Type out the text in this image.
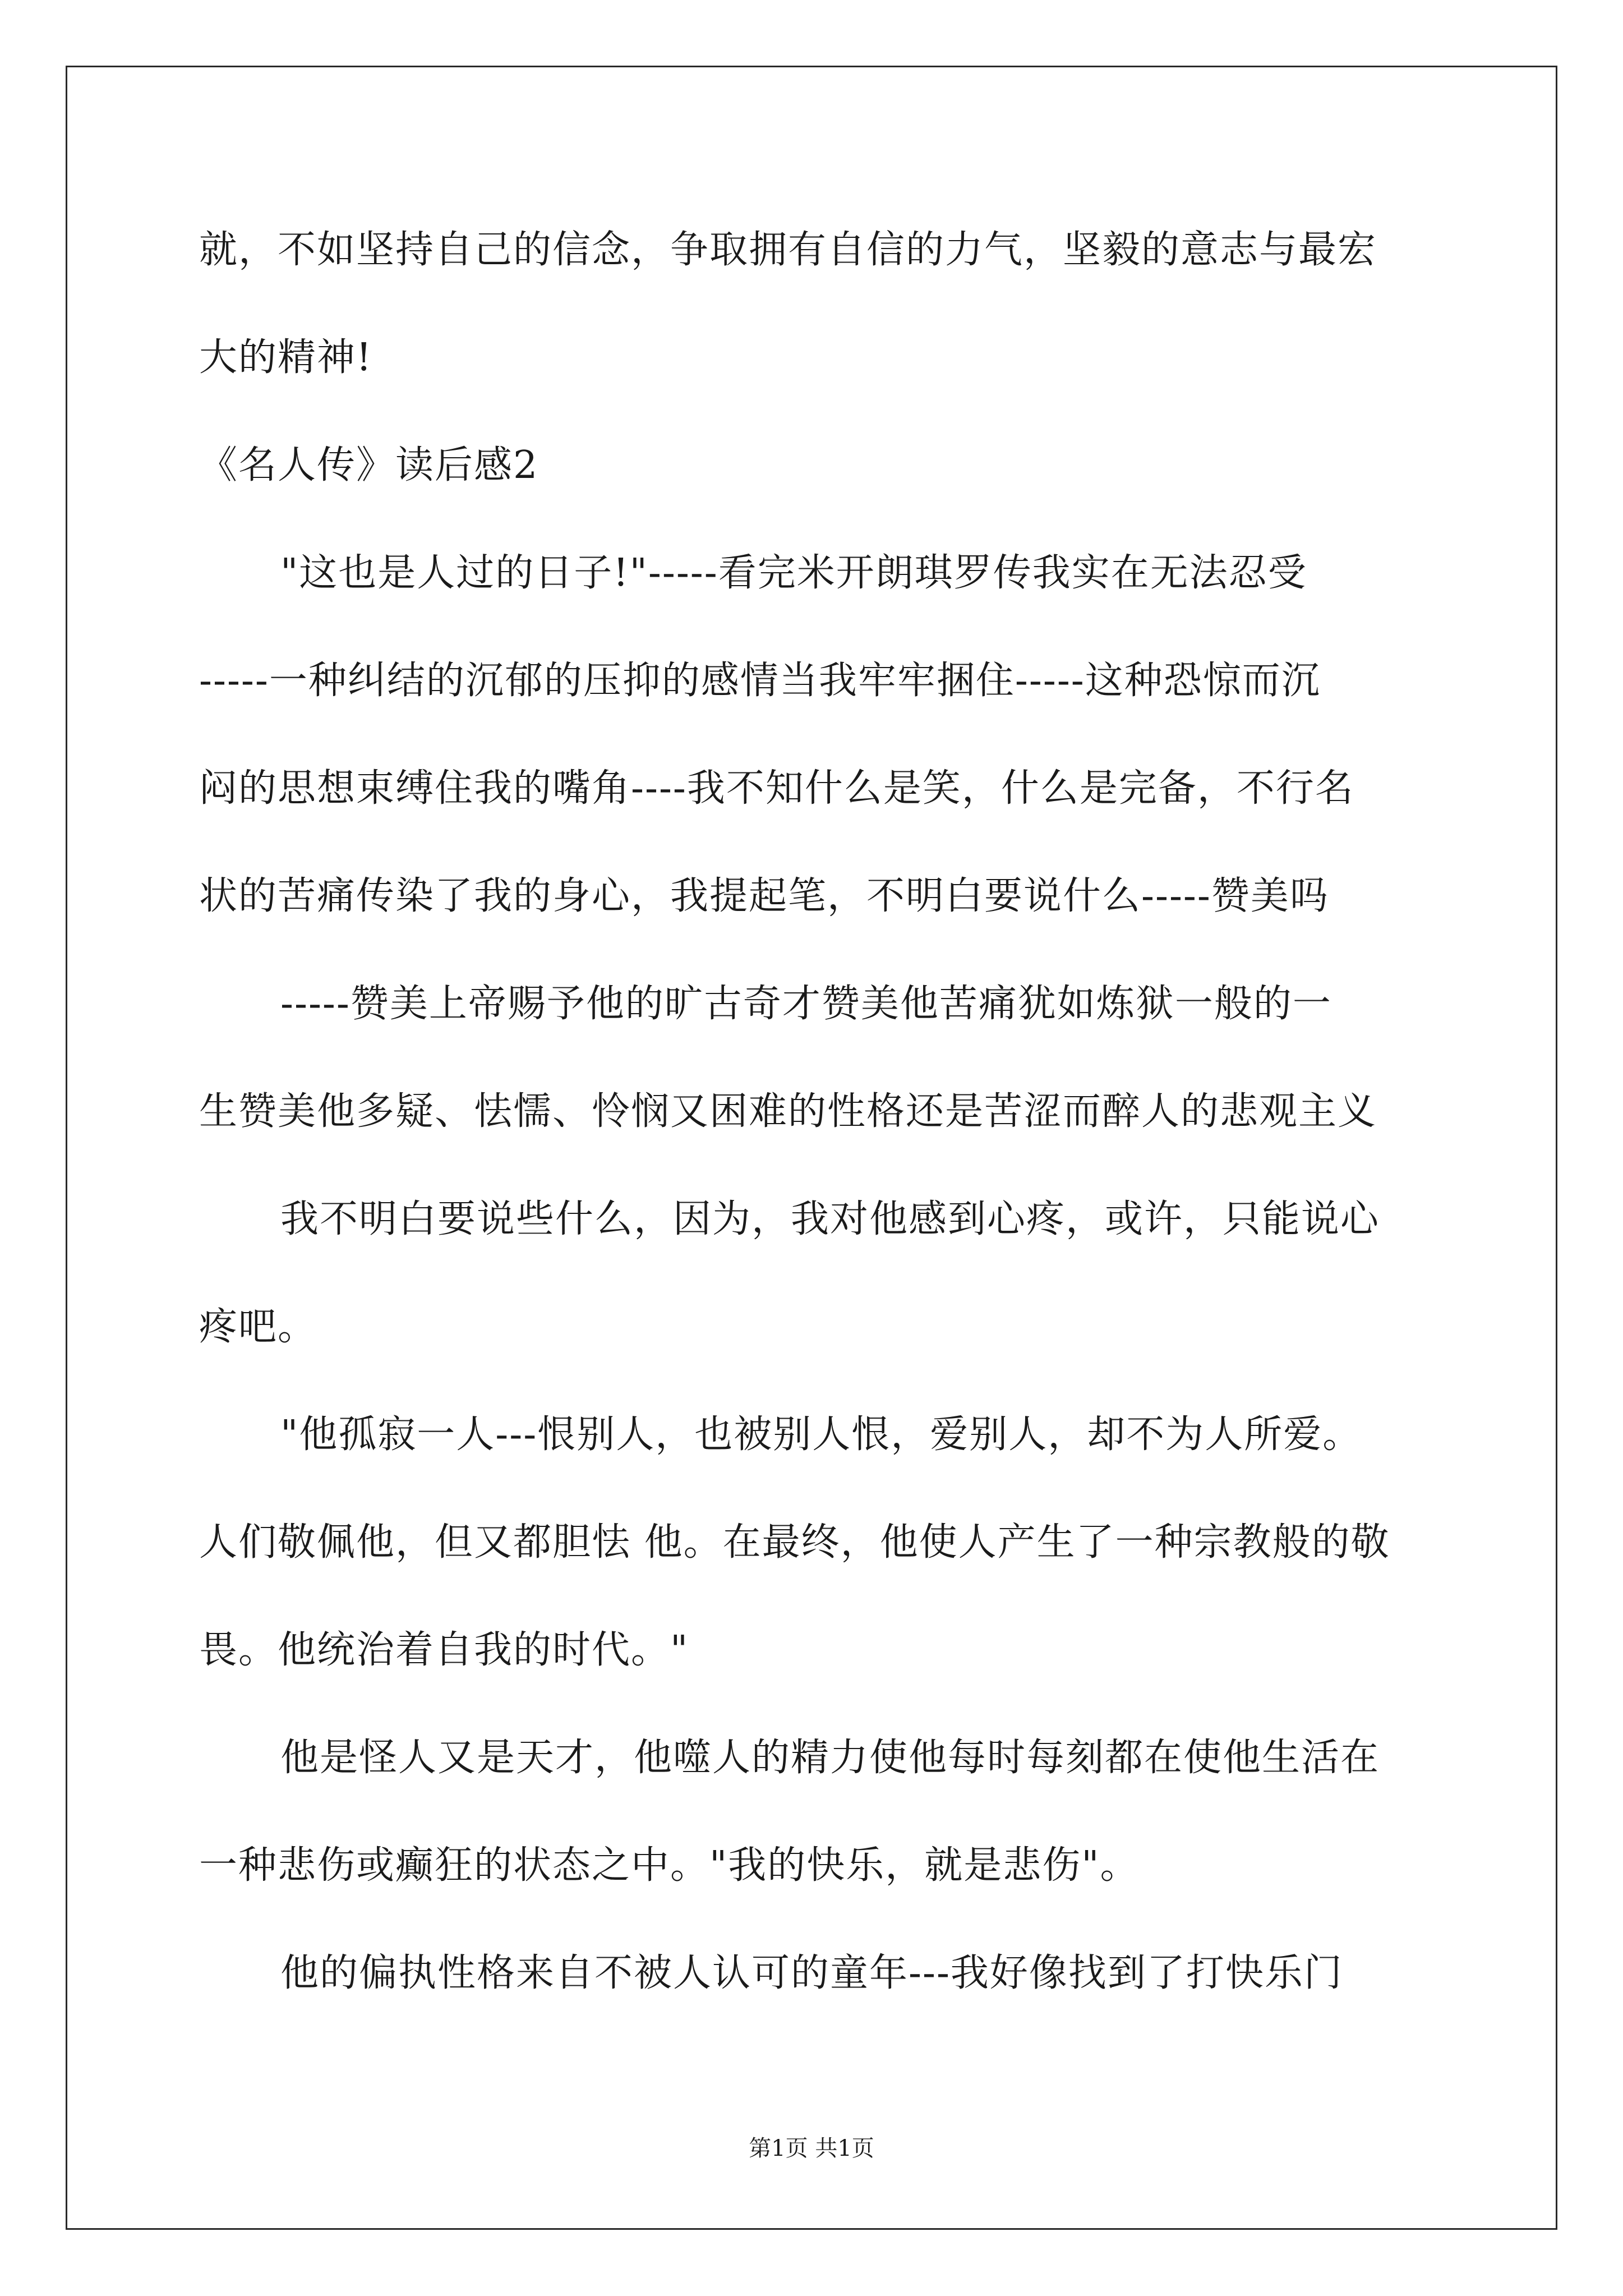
就，不如坚持自己的信念，争取拥有自信的力气，坚毅的意志与最宏
大的精神!
《名人传》读后感2
"这也是人过的日子!"-----看完米开朗琪罗传我实在无法忍受
-----一种纠结的沉郁的压抑的感情当我牢牢捆住-----这种恐惊而沉
闷的思想束缚住我的嘴角----我不知什么是笑，什么是完备，不行名
状的苦痛传染了我的身心，我提起笔，不明白要说什么-----赞美吗
-----赞美上帝赐予他的旷古奇才赞美他苦痛犹如炼狱一般的一
生赞美他多疑、怯懦、怜悯又困难的性格还是苦涩而醉人的悲观主义
我不明白要说些什么，因为，我对他感到心疼，或许，只能说心
疼吧。
"他孤寂一人---恨别人，也被别人恨，爱别人，却不为人所爱。
人们敬佩他，但又都胆怯 他。在最终，他使人产生了一种宗教般的敬
畏。他统治着自我的时代。"
他是怪人又是天才，他噬人的精力使他每时每刻都在使他生活在
一种悲伤或癫狂的状态之中。"我的快乐，就是悲伤"。
他的偏执性格来自不被人认可的童年---我好像找到了打快乐门
第1页 共1页
